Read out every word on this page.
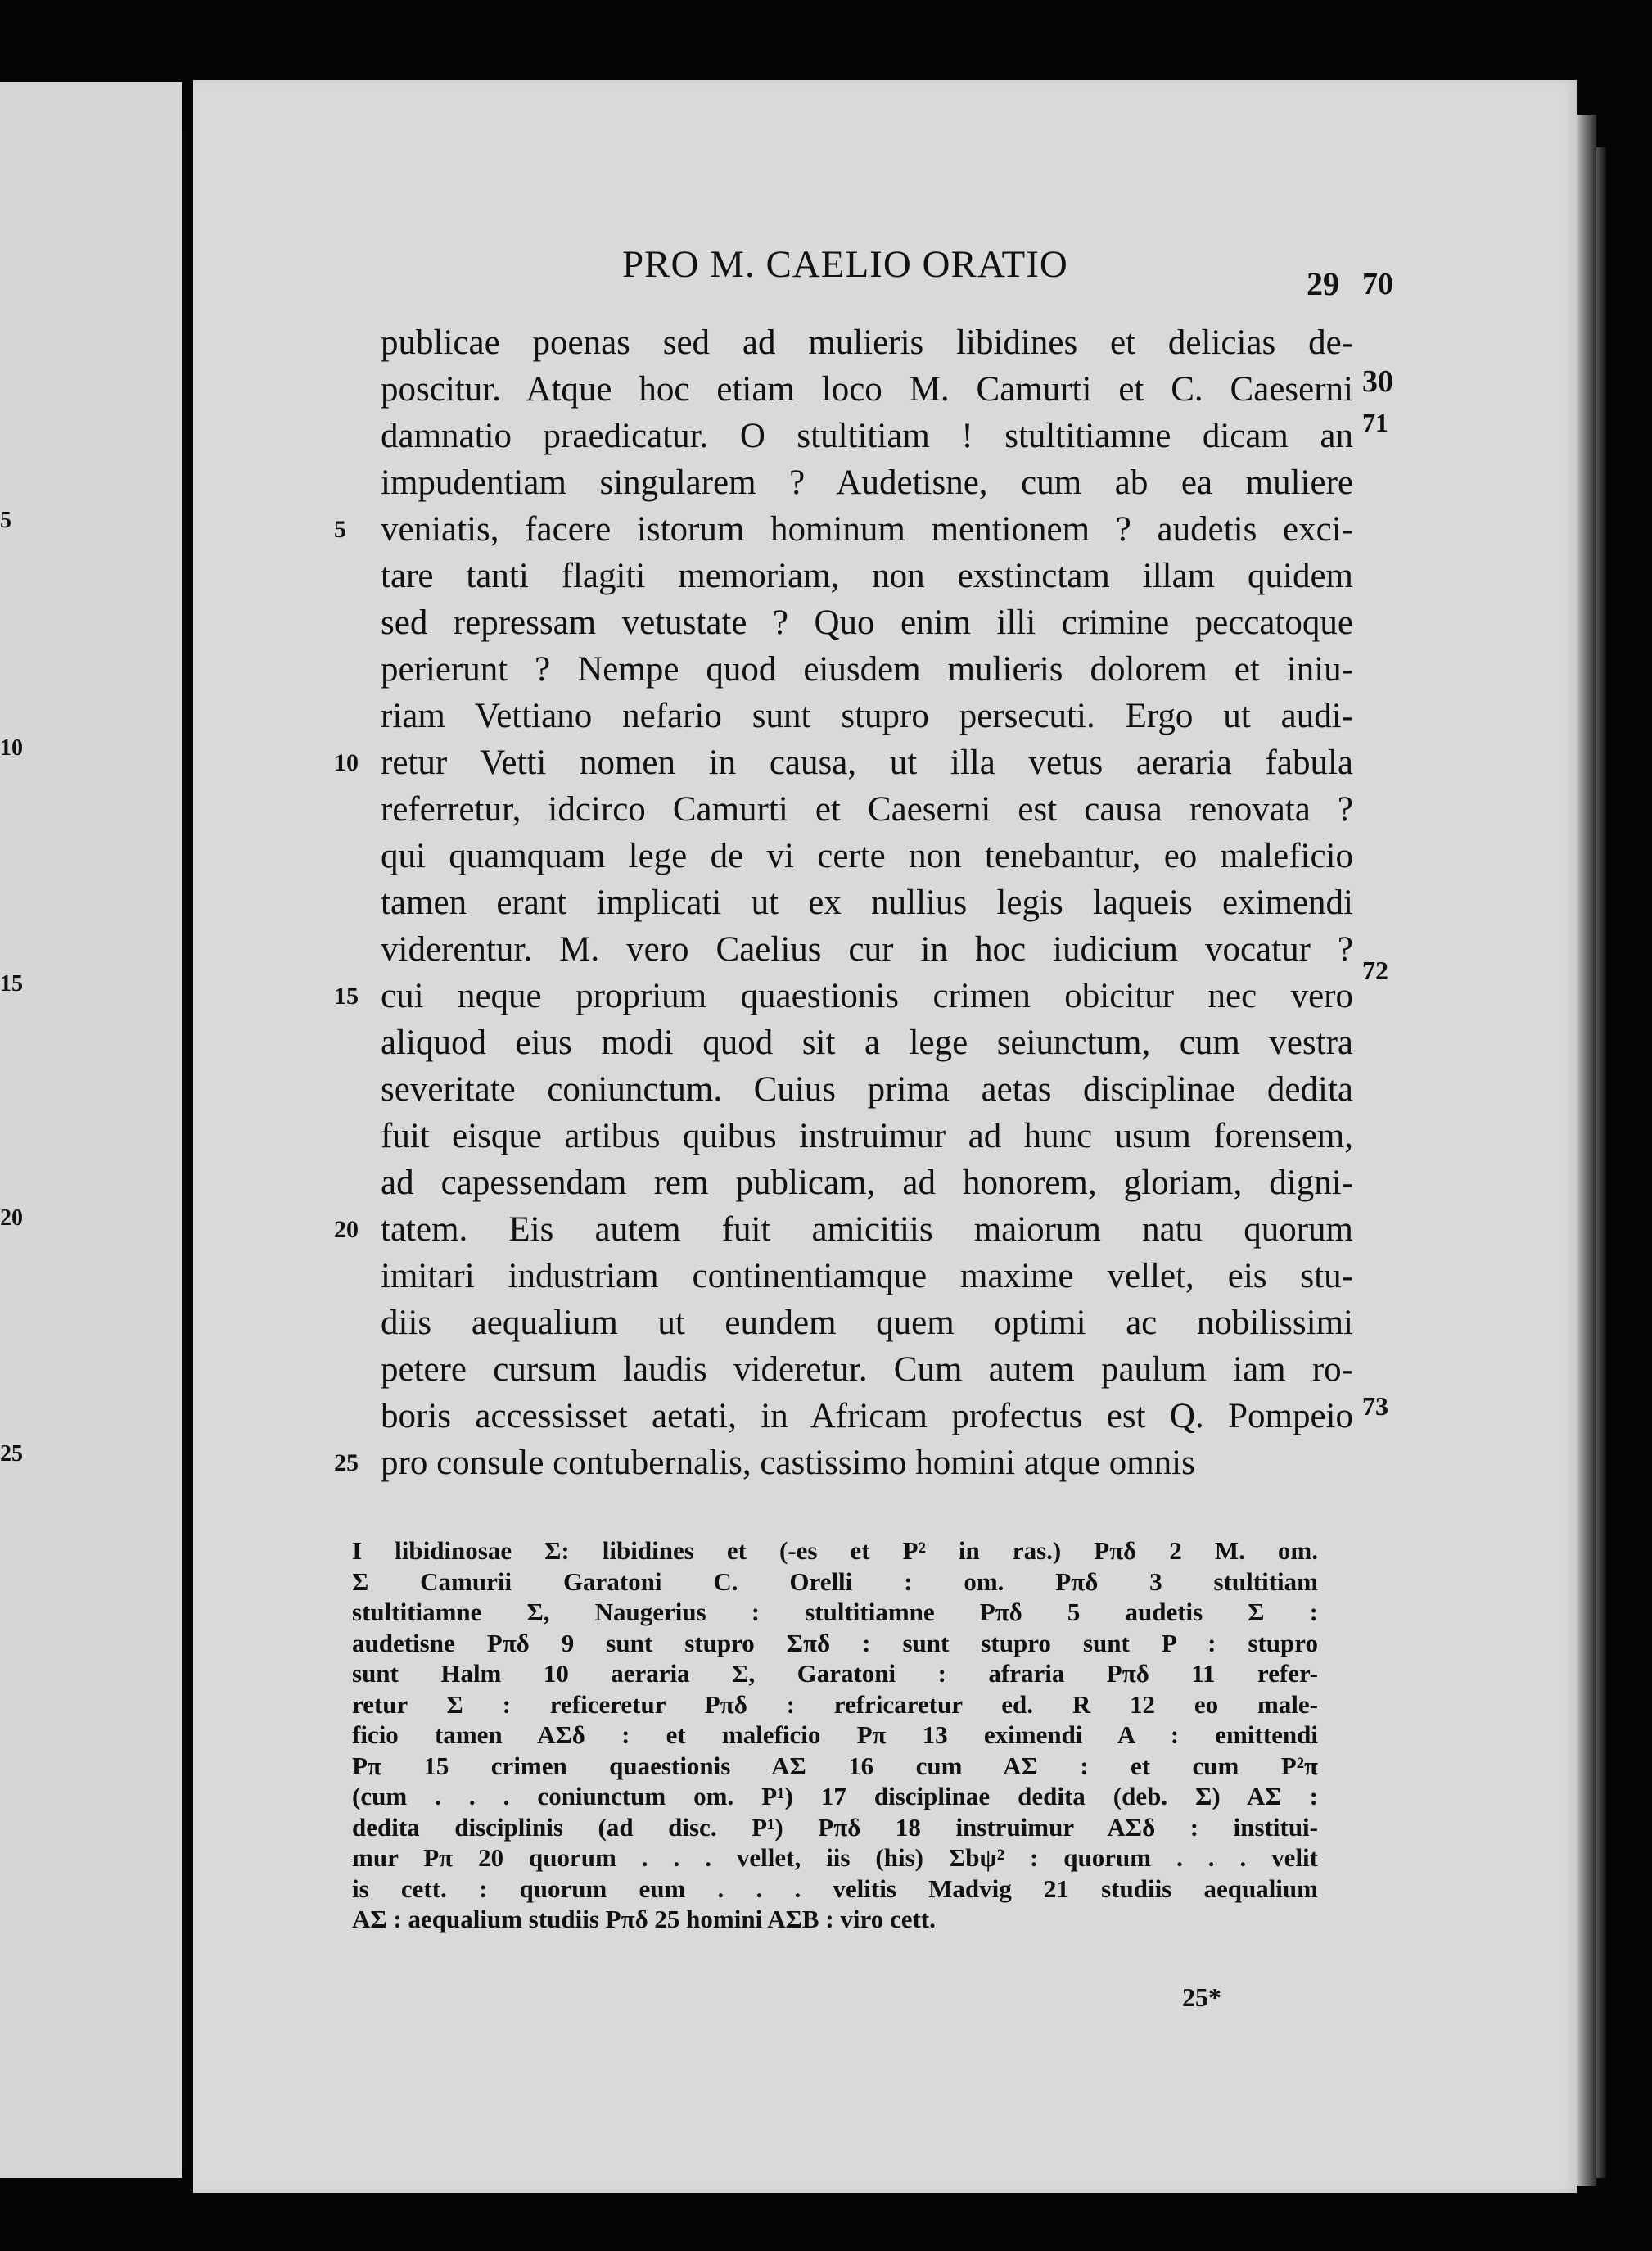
5
10
15
20
25
PRO M. CAELIO ORATIO	29 70
publicae poenas sed ad mulieris libidines et delicias de-
poscitur. Atque hoc etiam loco M. Camurti et C. Caeserni
damnatio praedicatur. O stultitiam ! stultitiamne dicam an
impudentiam singularem ? Audetisne, cum ab ea muliere
veniatis, facere istorum hominum mentionem ? audetis exci-
tare tanti flagiti memoriam, non exstinctam illam quidem
sed repressam vetustate ? Quo enim illi crimine peccatoque
perierunt ? Nempe quod eiusdem mulieris dolorem et iniu-
riam Vettiano nefario sunt stupro persecuti. Ergo ut audi-
retur Vetti nomen in causa, ut illa vetus aeraria fabula
referretur, idcirco Camurti et Caeserni est causa renovata ?
qui quamquam lege de vi certe non tenebantur, eo maleficio
tamen erant implicati ut ex nullius legis laqueis eximendi
viderentur. M. vero Caelius cur in hoc iudicium vocatur ?
cui neque proprium quaestionis crimen obicitur nec vero
aliquod eius modi quod sit a lege seiunctum, cum vestra
severitate coniunctum. Cuius prima aetas disciplinae dedita
fuit eisque artibus quibus instruimur ad hunc usum forensem,
ad capessendam rem publicam, ad honorem, gloriam, digni-
tatem. Eis autem fuit amicitiis maiorum natu quorum
imitari industriam continentiamque maxime vellet, eis stu-
diis aequalium ut eundem quem optimi ac nobilissimi
petere cursum laudis videretur. Cum autem paulum iam ro-
boris accessisset aetati, in Africam profectus est Q. Pompeio
pro consule contubernalis, castissimo homini atque omnis
5
10
15
20
25
30
71
72
73
I libidinosae Σ: libidines et (-es et P² in ras.) Pπδ 2 M. om.
Σ Camurii Garatoni C. Orelli : om. Pπδ 3 stultitiam
stultitiamne Σ, Naugerius : stultitiamne Pπδ 5 audetis Σ :
audetisne Pπδ 9 sunt stupro Σπδ : sunt stupro sunt P : stupro
sunt Halm 10 aeraria Σ, Garatoni : afraria Pπδ 11 refer-
retur Σ : reficeretur Pπδ : refricaretur ed. R 12 eo male-
ficio tamen AΣδ : et maleficio Pπ 13 eximendi A : emittendi
Pπ 15 crimen quaestionis AΣ 16 cum AΣ : et cum P²π
(cum . . . coniunctum om. P¹) 17 disciplinae dedita (deb. Σ) AΣ :
dedita disciplinis (ad disc. P¹) Pπδ 18 instruimur AΣδ : institui-
mur Pπ 20 quorum . . . vellet, iis (his) Σbψ² : quorum . . . velit
is cett. : quorum eum . . . velitis Madvig 21 studiis aequalium
AΣ : aequalium studiis Pπδ 25 homini AΣB : viro cett.
25*
